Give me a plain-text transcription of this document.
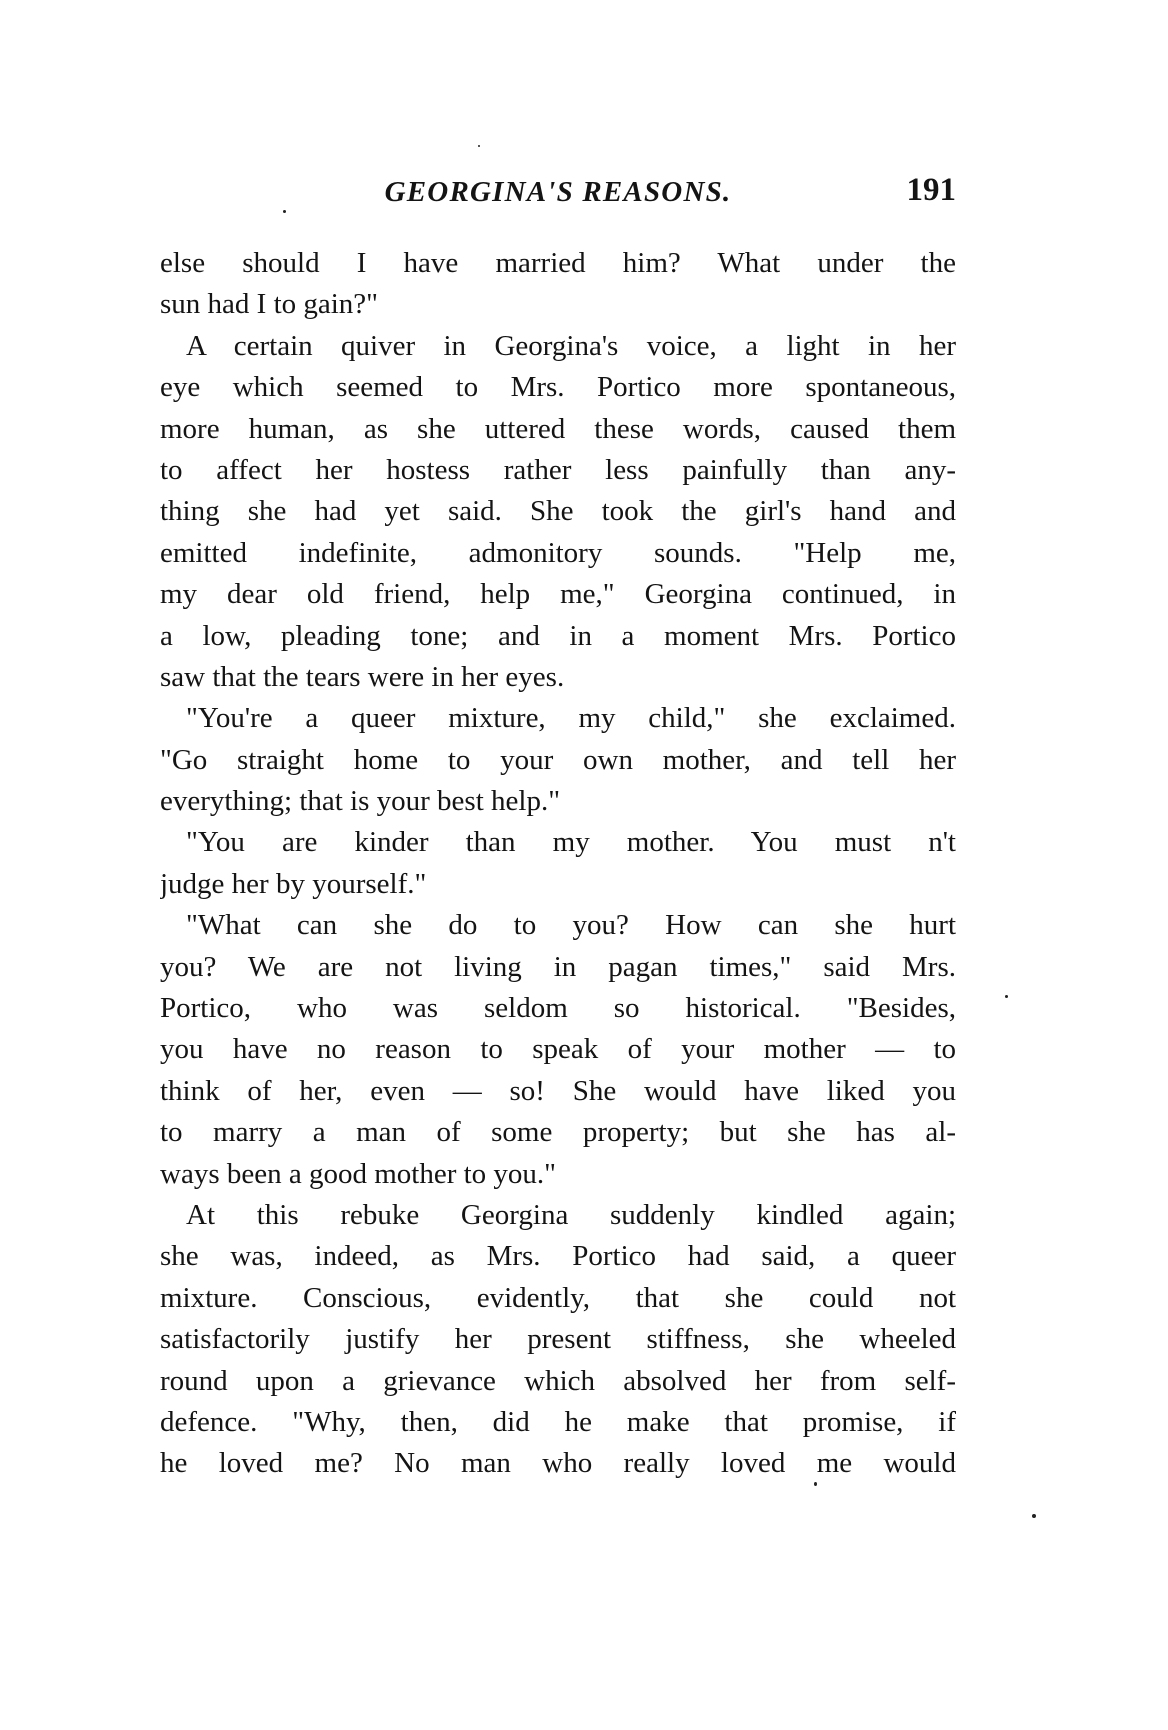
GEORGINA'S REASONS.	191
else should I have married him? What under the
sun had I to gain?"
A certain quiver in Georgina's voice, a light in her
eye which seemed to Mrs. Portico more spontaneous,
more human, as she uttered these words, caused them
to affect her hostess rather less painfully than any-
thing she had yet said. She took the girl's hand and
emitted indefinite, admonitory sounds. "Help me,
my dear old friend, help me," Georgina continued, in
a low, pleading tone; and in a moment Mrs. Portico
saw that the tears were in her eyes.
"You're a queer mixture, my child," she exclaimed.
"Go straight home to your own mother, and tell her
everything; that is your best help."
"You are kinder than my mother. You must n't
judge her by yourself."
"What can she do to you? How can she hurt
you? We are not living in pagan times," said Mrs.
Portico, who was seldom so historical. "Besides,
you have no reason to speak of your mother — to
think of her, even — so! She would have liked you
to marry a man of some property; but she has al-
ways been a good mother to you."
At this rebuke Georgina suddenly kindled again;
she was, indeed, as Mrs. Portico had said, a queer
mixture. Conscious, evidently, that she could not
satisfactorily justify her present stiffness, she wheeled
round upon a grievance which absolved her from self-
defence. "Why, then, did he make that promise, if
he loved me? No man who really loved me would
